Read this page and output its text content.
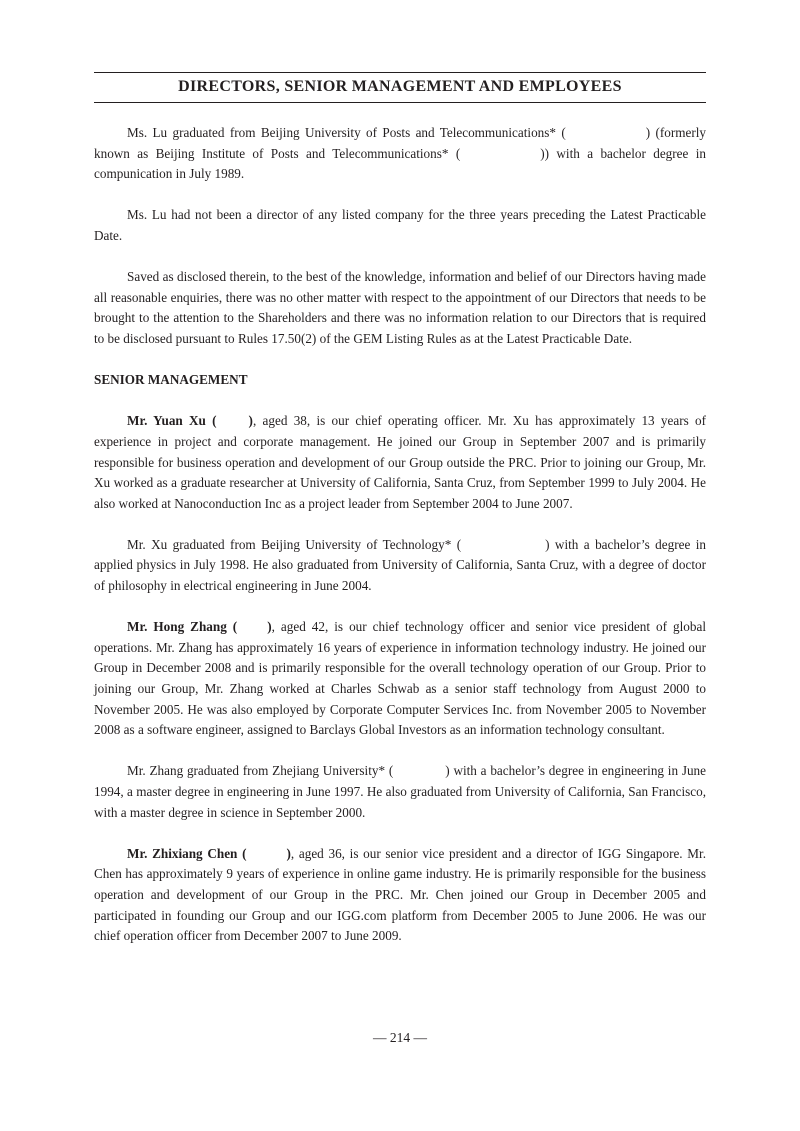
DIRECTORS, SENIOR MANAGEMENT AND EMPLOYEES

Ms. Lu graduated from Beijing University of Posts and Telecommunications* (	) (formerly known as Beijing Institute of Posts and Telecommunications* (	)) with a bachelor degree in compunication in July 1989.

Ms. Lu had not been a director of any listed company for the three years preceding the Latest Practicable Date.

Saved as disclosed therein, to the best of the knowledge, information and belief of our Directors having made all reasonable enquiries, there was no other matter with respect to the appointment of our Directors that needs to be brought to the attention to the Shareholders and there was no information relation to our Directors that is required to be disclosed pursuant to Rules 17.50(2) of the GEM Listing Rules as at the Latest Practicable Date.

SENIOR MANAGEMENT

Mr. Yuan Xu ( ), aged 38, is our chief operating officer. Mr. Xu has approximately 13 years of experience in project and corporate management. He joined our Group in September 2007 and is primarily responsible for business operation and development of our Group outside the PRC. Prior to joining our Group, Mr. Xu worked as a graduate researcher at University of California, Santa Cruz, from September 1999 to July 2004. He also worked at Nanoconduction Inc as a project leader from September 2004 to June 2007.

Mr. Xu graduated from Beijing University of Technology* (	) with a bachelor’s degree in applied physics in July 1998. He also graduated from University of California, Santa Cruz, with a degree of doctor of philosophy in electrical engineering in June 2004.

Mr. Hong Zhang ( ), aged 42, is our chief technology officer and senior vice president of global operations. Mr. Zhang has approximately 16 years of experience in information technology industry. He joined our Group in December 2008 and is primarily responsible for the overall technology operation of our Group. Prior to joining our Group, Mr. Zhang worked at Charles Schwab as a senior staff technology from August 2000 to November 2005. He was also employed by Corporate Computer Services Inc. from November 2005 to November 2008 as a software engineer, assigned to Barclays Global Investors as an information technology consultant.

Mr. Zhang graduated from Zhejiang University* (	) with a bachelor’s degree in engineering in June 1994, a master degree in engineering in June 1997. He also graduated from University of California, San Francisco, with a master degree in science in September 2000.

Mr. Zhixiang Chen (	), aged 36, is our senior vice president and a director of IGG Singapore. Mr. Chen has approximately 9 years of experience in online game industry. He is primarily responsible for the business operation and development of our Group in the PRC. Mr. Chen joined our Group in December 2005 and participated in founding our Group and our IGG.com platform from December 2005 to June 2006. He was our chief operation officer from December 2007 to June 2009.

— 214 —
